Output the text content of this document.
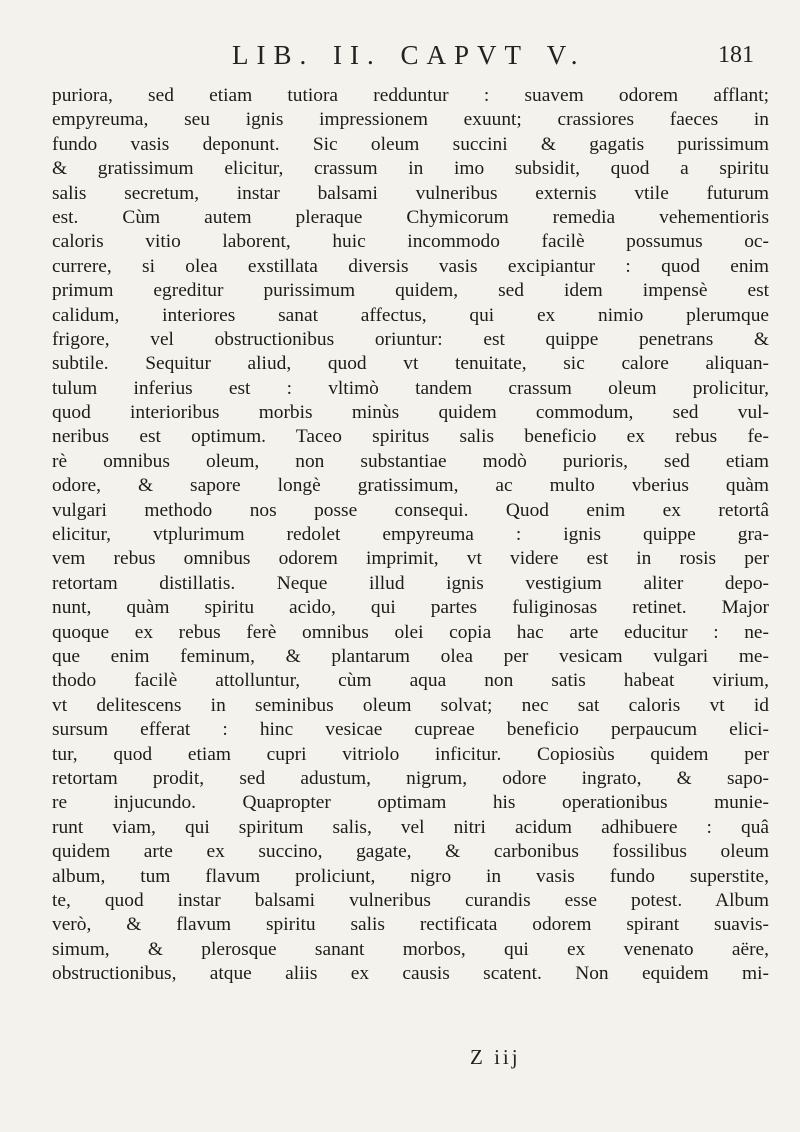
LIB. II. CAPVT V.	181
puriora, sed etiam tutiora redduntur : suavem odorem afflant;
empyreuma, seu ignis impressionem exuunt; crassiores faeces in
fundo vasis deponunt. Sic oleum succini & gagatis purissimum
& gratissimum elicitur, crassum in imo subsidit, quod a spiritu
salis secretum, instar balsami vulneribus externis vtile futurum
est. Cùm autem pleraque Chymicorum remedia vehementioris
caloris vitio laborent, huic incommodo facilè possumus oc-
currere, si olea exstillata diversis vasis excipiantur : quod enim
primum egreditur purissimum quidem, sed idem impensè est
calidum, interiores sanat affectus, qui ex nimio plerumque
frigore, vel obstructionibus oriuntur: est quippe penetrans &
subtile. Sequitur aliud, quod vt tenuitate, sic calore aliquan-
tulum inferius est : vltimò tandem crassum oleum prolicitur,
quod interioribus morbis minùs quidem commodum, sed vul-
neribus est optimum. Taceo spiritus salis beneficio ex rebus fe-
rè omnibus oleum, non substantiae modò purioris, sed etiam
odore, & sapore longè gratissimum, ac multo vberius quàm
vulgari methodo nos posse consequi. Quod enim ex retortâ
elicitur, vtplurimum redolet empyreuma : ignis quippe gra-
vem rebus omnibus odorem imprimit, vt videre est in rosis per
retortam distillatis. Neque illud ignis vestigium aliter depo-
nunt, quàm spiritu acido, qui partes fuliginosas retinet. Major
quoque ex rebus ferè omnibus olei copia hac arte educitur : ne-
que enim feminum, & plantarum olea per vesicam vulgari me-
thodo facilè attolluntur, cùm aqua non satis habeat virium,
vt delitescens in seminibus oleum solvat; nec sat caloris vt id
sursum efferat : hinc vesicae cupreae beneficio perpaucum elici-
tur, quod etiam cupri vitriolo inficitur. Copiosiùs quidem per
retortam prodit, sed adustum, nigrum, odore ingrato, & sapo-
re injucundo. Quapropter optimam his operationibus munie-
runt viam, qui spiritum salis, vel nitri acidum adhibuere : quâ
quidem arte ex succino, gagate, & carbonibus fossilibus oleum
album, tum flavum proliciunt, nigro in vasis fundo superstite,
te, quod instar balsami vulneribus curandis esse potest. Album
verò, & flavum spiritu salis rectificata odorem spirant suavis-
simum, & plerosque sanant morbos, qui ex venenato aëre,
obstructionibus, atque aliis ex causis scatent. Non equidem mi-
Z iij
